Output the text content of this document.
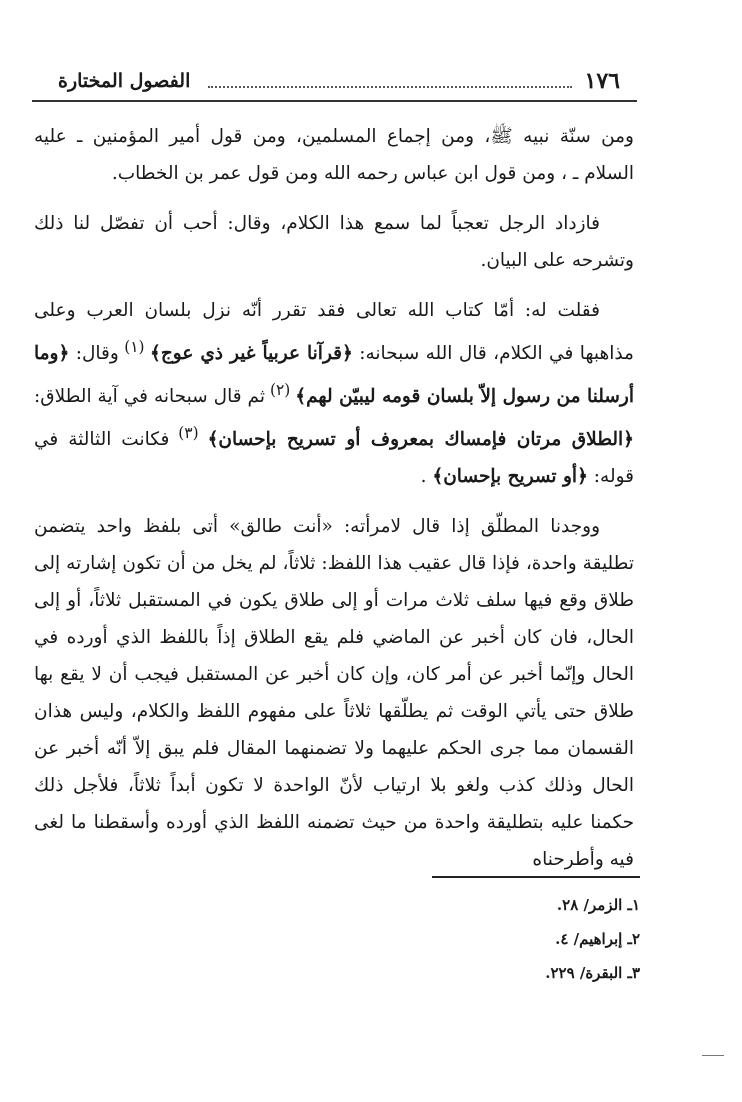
١٧٦
الفصول المختارة

ومن سنّة نبيه ﷺ، ومن إجماع المسلمين، ومن قول أمير المؤمنين ـ عليه السلام ـ ، ومن قول ابن عباس رحمه الله ومن قول عمر بن الخطاب.

فازداد الرجل تعجباً لما سمع هذا الكلام، وقال: أحب أن تفصّل لنا ذلك وتشرحه على البيان.

فقلت له: أمّا كتاب الله تعالى فقد تقرر أنّه نزل بلسان العرب وعلى مذاهبها في الكلام، قال الله سبحانه: ﴿قرآنا عربياً غير ذي عوج﴾ $^{(١)}$ وقال: ﴿وما أرسلنا من رسول إلاّ بلسان قومه ليبيّن لهم﴾ $^{(٢)}$ ثم قال سبحانه في آية الطلاق: ﴿الطلاق مرتان فإمساك بمعروف أو تسريح بإحسان﴾ $^{(٣)}$ فكانت الثالثة في قوله: ﴿أو تسريح بإحسان﴾ .

ووجدنا المطلّق إذا قال لامرأته: «أنت طالق» أتى بلفظ واحد يتضمن تطليقة واحدة، فإذا قال عقيب هذا اللفظ: ثلاثاً، لم يخل من أن تكون إشارته إلى طلاق وقع فيها سلف ثلاث مرات أو إلى طلاق يكون في المستقبل ثلاثاً، أو إلى الحال، فان كان أخبر عن الماضي فلم يقع الطلاق إذاً باللفظ الذي أورده في الحال وإنّما أخبر عن أمر كان، وإن كان أخبر عن المستقبل فيجب أن لا يقع بها طلاق حتى يأتي الوقت ثم يطلّقها ثلاثاً على مفهوم اللفظ والكلام، وليس هذان القسمان مما جرى الحكم عليهما ولا تضمنهما المقال فلم يبق إلاّ أنّه أخبر عن الحال وذلك كذب ولغو بلا ارتياب لأنّ الواحدة لا تكون أبداً ثلاثاً، فلأجل ذلك حكمنا عليه بتطليقة واحدة من حيث تضمنه اللفظ الذي أورده وأسقطنا ما لغى فيه وأطرحناه

١ـ الزمر/ ٢٨.
٢ـ إبراهيم/ ٤.
٣ـ البقرة/ ٢٢٩.
